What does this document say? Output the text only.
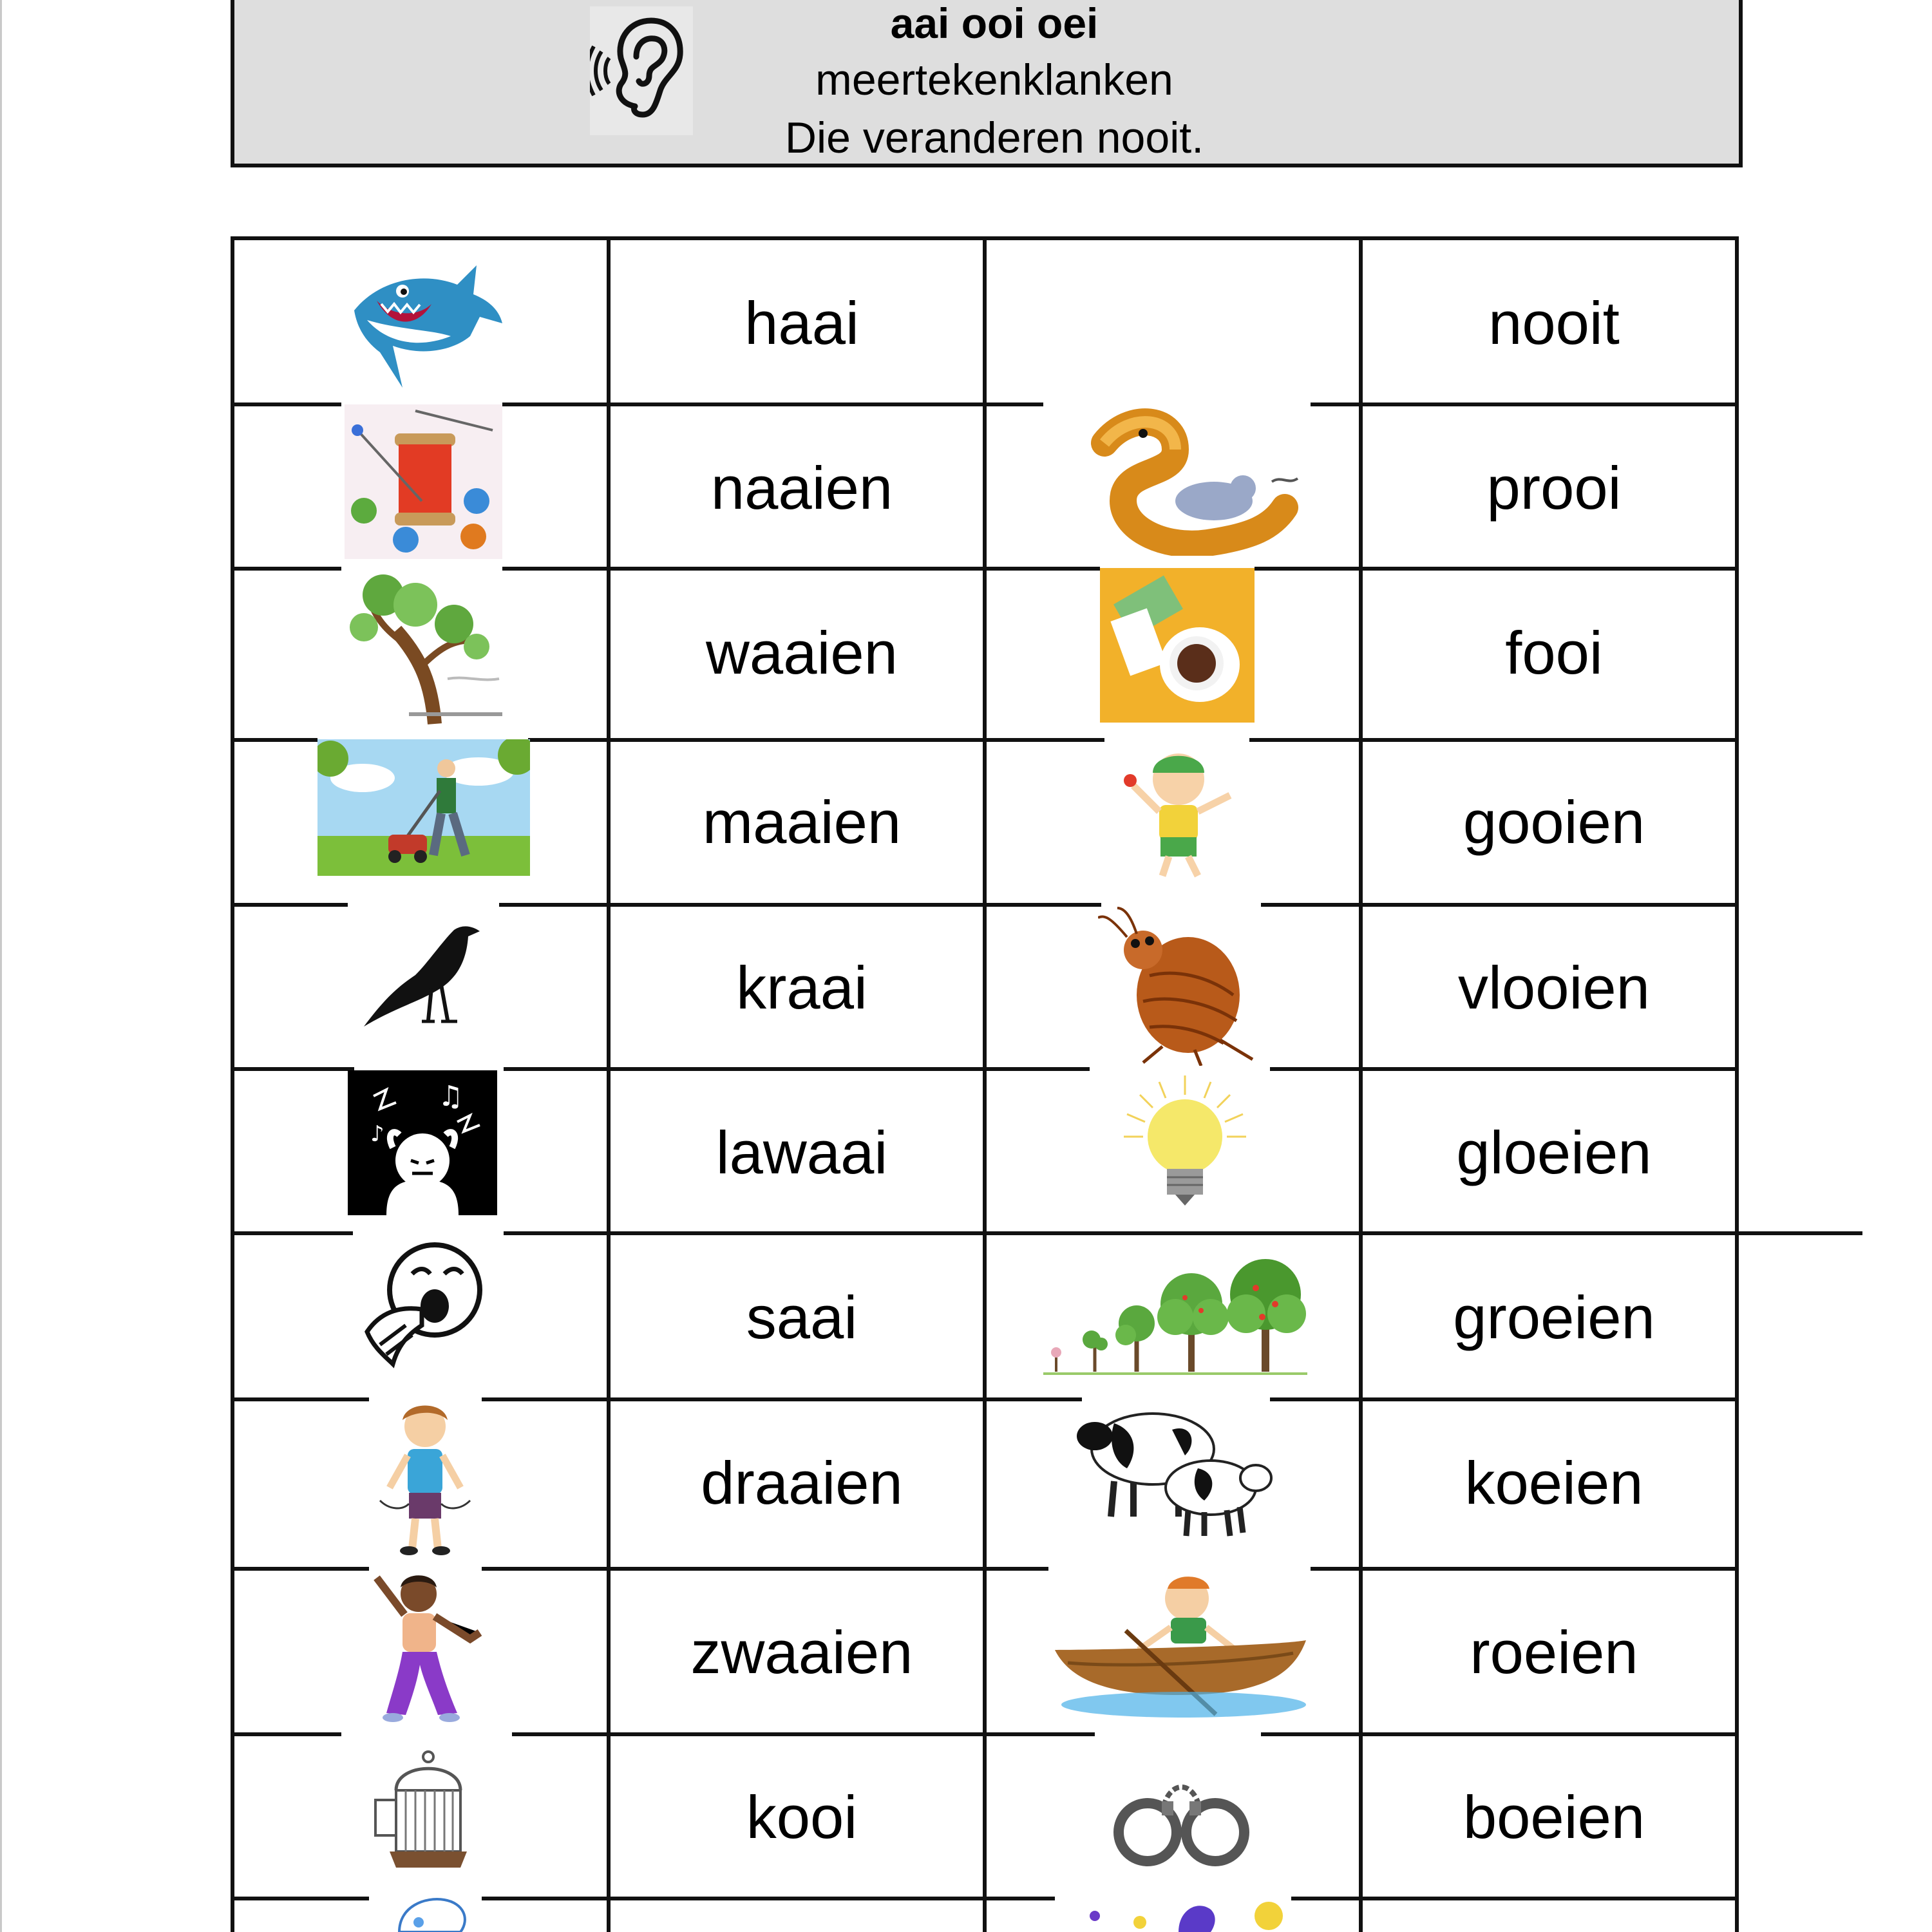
aai ooi oei
meertekenklanken
Die veranderen nooit.
haai	nooit
naaien	prooi
waaien	fooi
maaien	gooien
kraai	vlooien
lawaai	gloeien
saai	groeien
draaien	koeien
zwaaien	roeien
kooi	boeien
♫
♪
